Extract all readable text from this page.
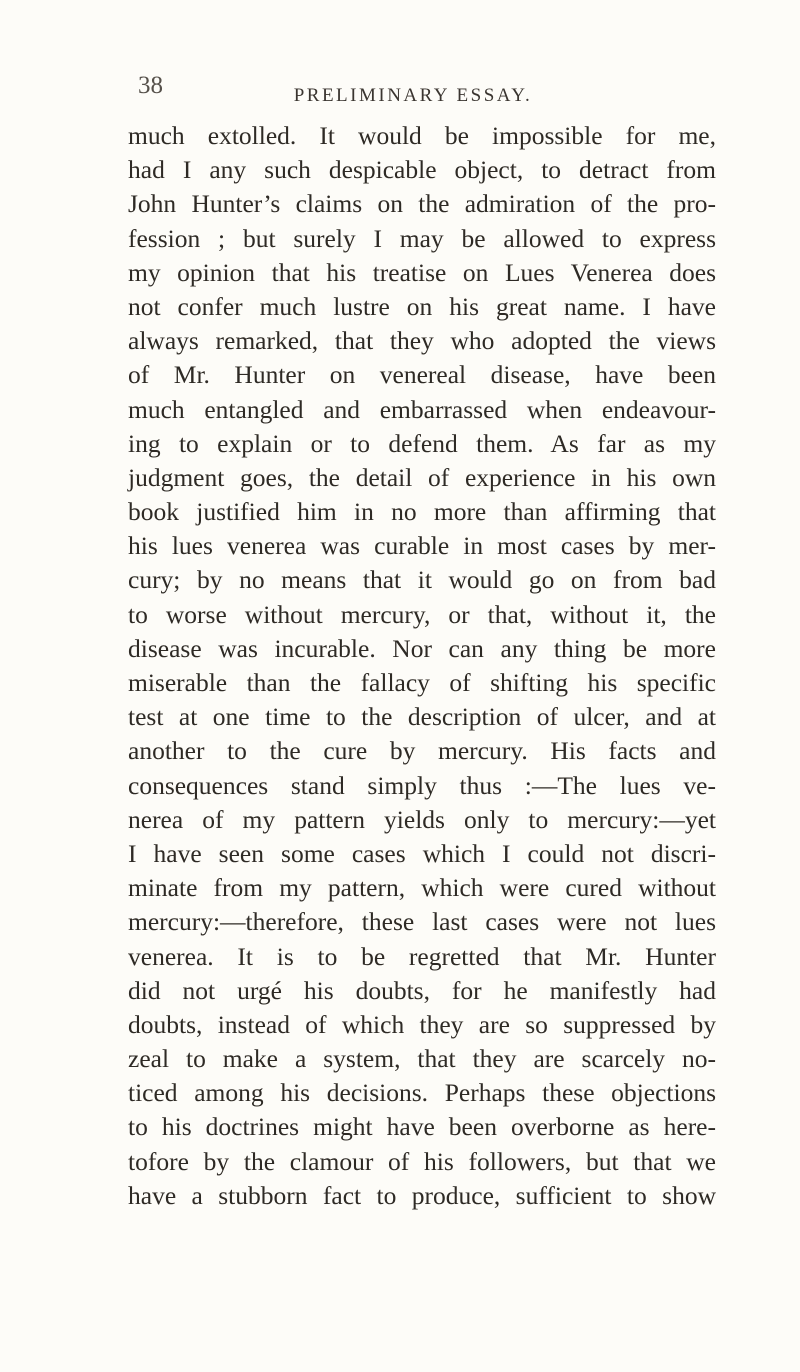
38	PRELIMINARY ESSAY.
much extolled. It would be impossible for me,
had I any such despicable object, to detract from
John Hunter’s claims on the admiration of the pro-
fession ; but surely I may be allowed to express
my opinion that his treatise on Lues Venerea does
not confer much lustre on his great name. I have
always remarked, that they who adopted the views
of Mr. Hunter on venereal disease, have been
much entangled and embarrassed when endeavour-
ing to explain or to defend them. As far as my
judgment goes, the detail of experience in his own
book justified him in no more than affirming that
his lues venerea was curable in most cases by mer-
cury; by no means that it would go on from bad
to worse without mercury, or that, without it, the
disease was incurable. Nor can any thing be more
miserable than the fallacy of shifting his specific
test at one time to the description of ulcer, and at
another to the cure by mercury. His facts and
consequences stand simply thus :—The lues ve-
nerea of my pattern yields only to mercury:—yet
I have seen some cases which I could not discri-
minate from my pattern, which were cured without
mercury:—therefore, these last cases were not lues
venerea. It is to be regretted that Mr. Hunter
did not urgé his doubts, for he manifestly had
doubts, instead of which they are so suppressed by
zeal to make a system, that they are scarcely no-
ticed among his decisions. Perhaps these objections
to his doctrines might have been overborne as here-
tofore by the clamour of his followers, but that we
have a stubborn fact to produce, sufficient to show
